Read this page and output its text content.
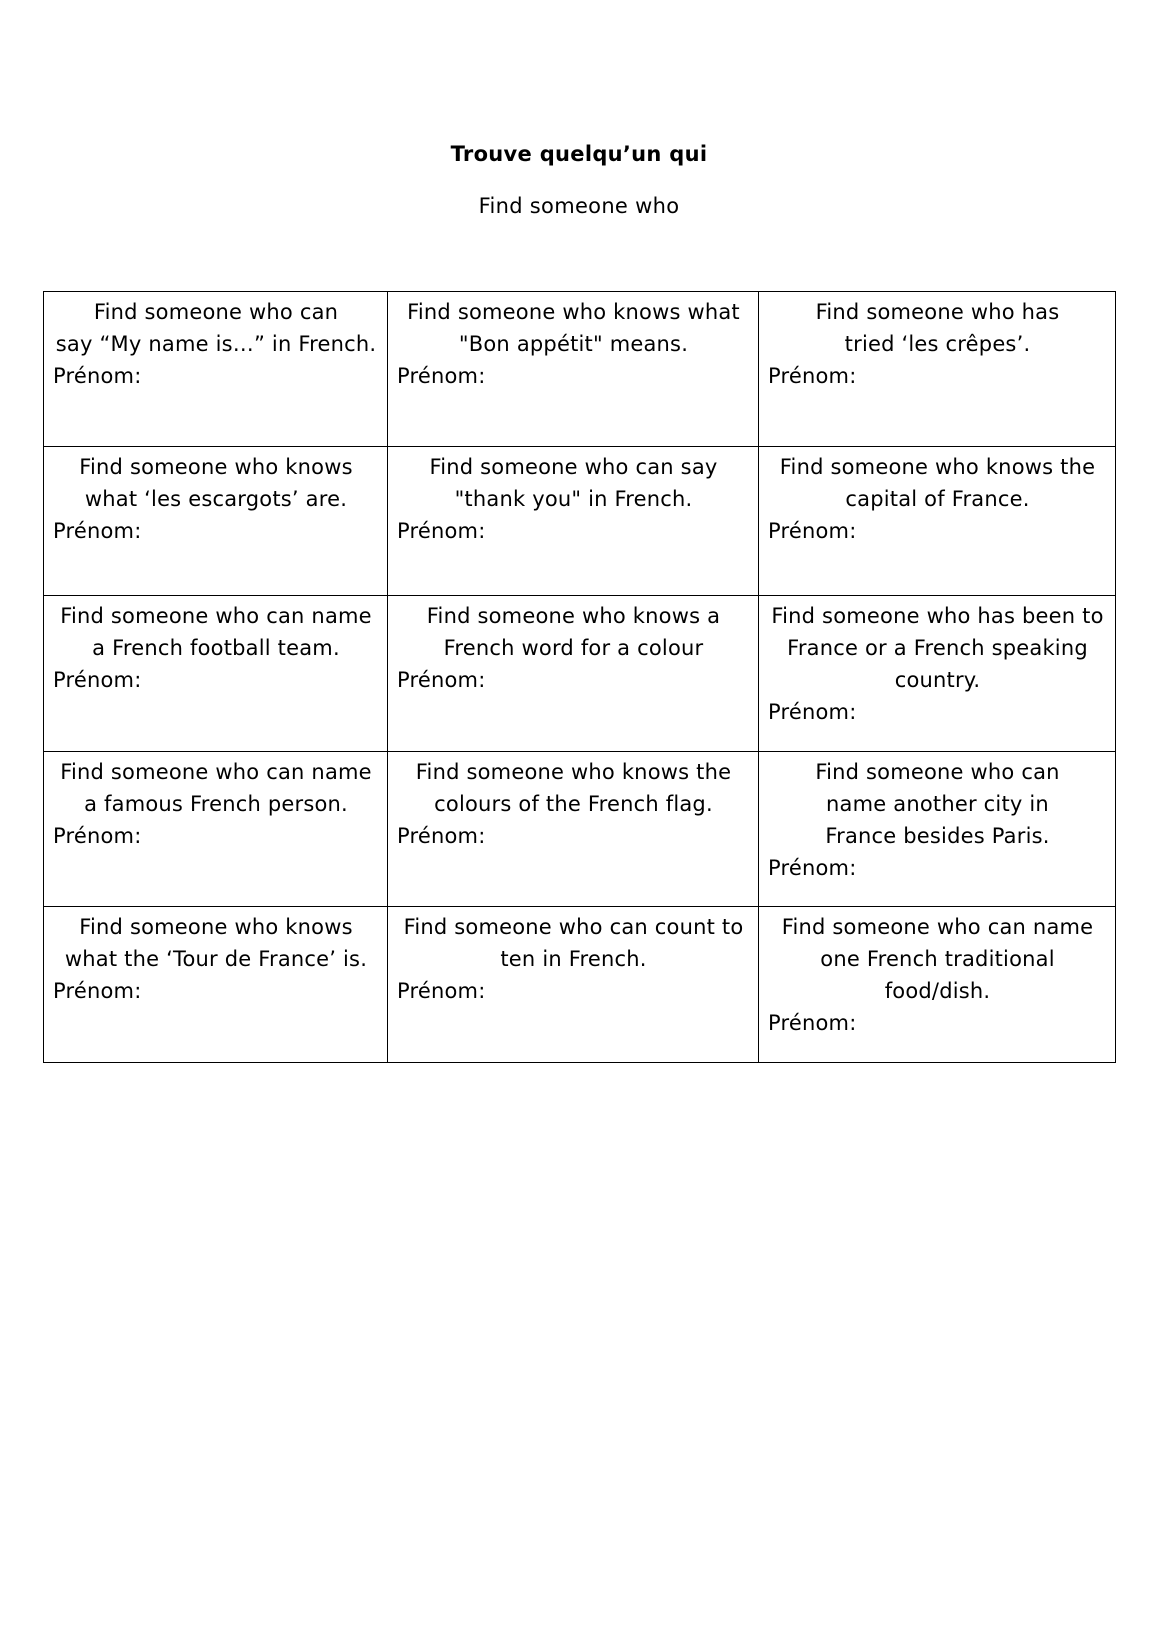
Trouve quelqu’un qui
Find someone who
Find someone who can
say “My name is…” in French.
Prénom:	Find someone who knows what
"Bon appétit" means.
Prénom:	Find someone who has
tried ‘les crêpes’.
Prénom:

Find someone who knows
what ‘les escargots’ are.
Prénom:	Find someone who can say
"thank you" in French.
Prénom:	Find someone who knows the
capital of France.
Prénom:

Find someone who can name
a French football team.
Prénom:	Find someone who knows a
French word for a colour
Prénom:	Find someone who has been to
France or a French speaking
country.
Prénom:

Find someone who can name
a famous French person.
Prénom:	Find someone who knows the
colours of the French flag.
Prénom:	Find someone who can
name another city in
France besides Paris.
Prénom:

Find someone who knows
what the ‘Tour de France’ is.
Prénom:	Find someone who can count to
ten in French.
Prénom:	Find someone who can name
one French traditional
food/dish.
Prénom:
